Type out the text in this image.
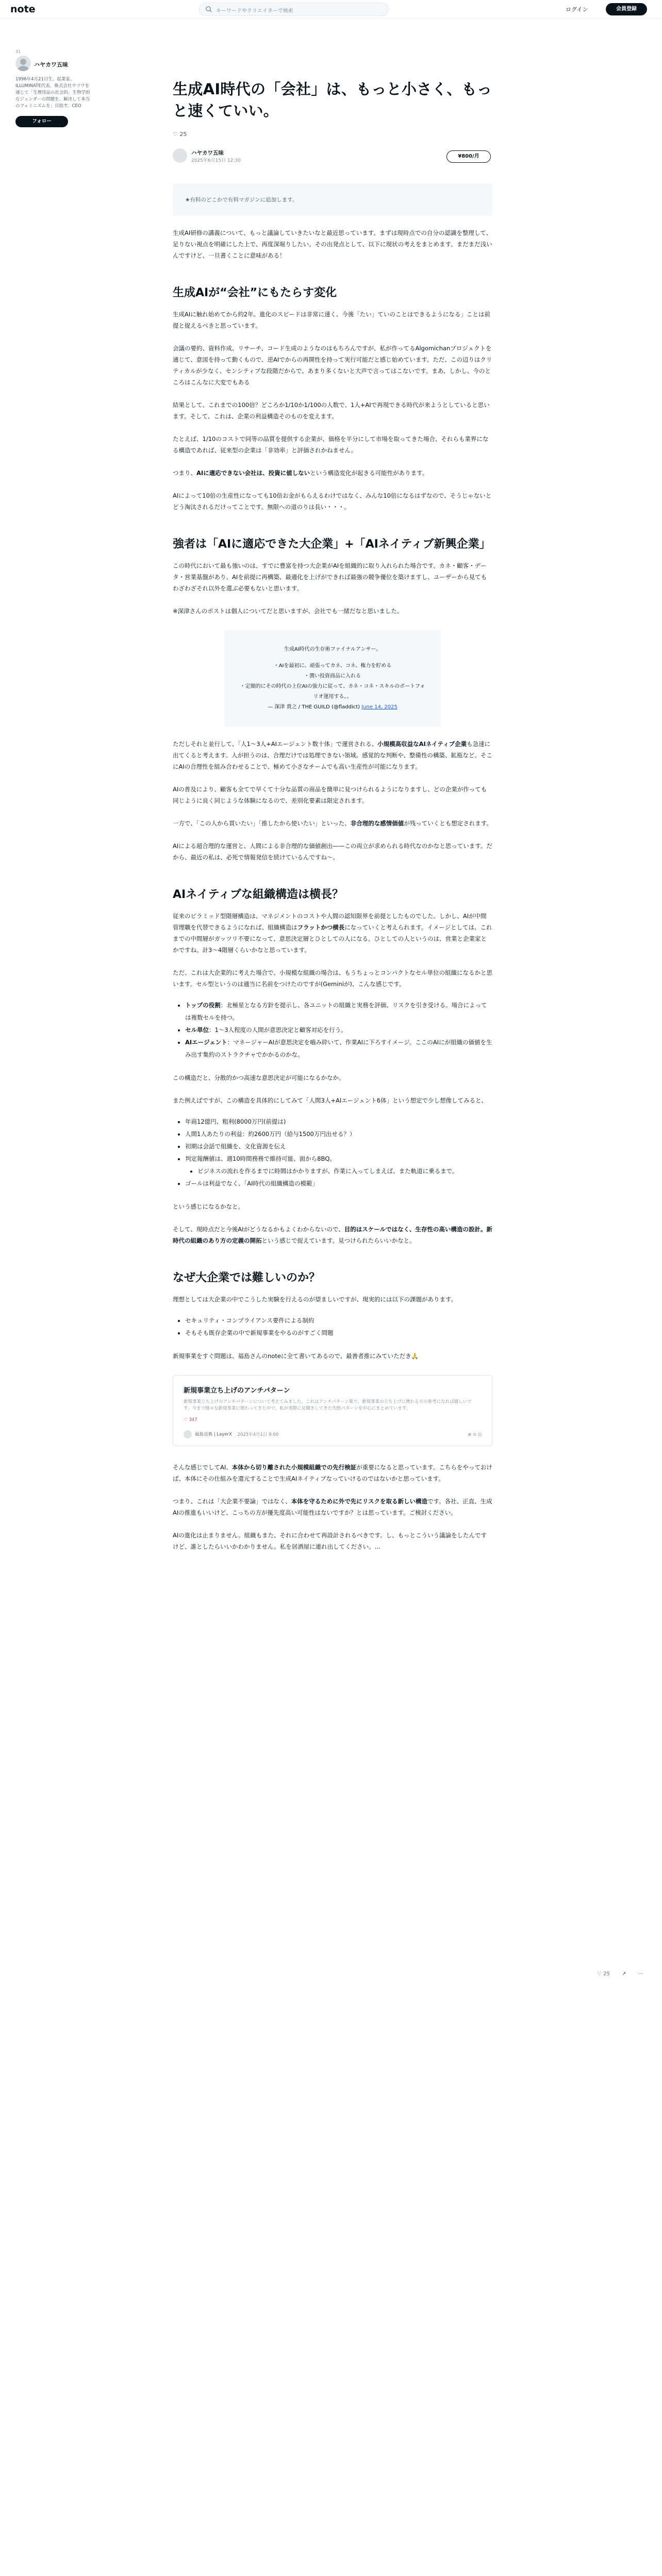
note	キーワードやクリエイターで検索	ログイン	会員登録
31
ハヤカワ五味
1996年4月21日生。起業家。ILLUMINATE代表。株式会社ウツワを通じて「生理用品の社会的、生物学的なジェンダーの問題を、解決して本当のフェミニズムを」目指す。CEO
フォロー
生成AI時代の「会社」は、もっと小さく、もっと速くていい。
♡ 25
ハヤカワ五味
2025年6月15日 12:30
¥800/月
★有料のどこかで有料マガジンに追加します。

生成AI研修の講義について、もっと議論していきたいなと最近思っています。まずは現時点での自分の認識を整理して、足りない視点を明確にした上で、再度深堀りしたい。その出発点として、以下に現状の考えをまとめます。まだまだ浅いんですけど、一旦書くことに意味がある！

生成AIが“会社”にもたらす変化

生成AIに触れ始めてから約2年。進化のスピードは非常に速く、今後「たい」ていのことはできるようになる」ことは前提と捉えるべきと思っています。

会議の要約、資料作成、リサーチ、コード生成のようなのはもちろんですが、私が作ってるAlgomichanプロジェクトを通じて、意図を持って動くもので、逆AIでからの再開性を持って実行可能だと感じ始めています。ただ、この辺りはクリティカルが少なく、センシティブな段階だからで、あまり多くないと大声で言ってはこないです。まあ、しかし、今のところはこんなに大変でもある

結果として、これまでの100倍？どころか1/10か1/100の人数で、1人+AIで再現できる時代が来ようとしていると思います。そして、これは、企業の利益構造そのものを変えます。

たとえば、1/10のコストで同等の品質を提供する企業が、価格を半分にして市場を取ってきた場合、それらも業界になる構造であれば、従来型の企業は「非効率」と評価されかねません。

つまり、AIに適応できない会社は、投資に値しないという構造変化が起きる可能性があります。

AIによって10倍の生産性になっても10倍お金がもらえるわけではなく、みんな10倍になるはずなので、そうじゃないとどう淘汰されるだけってことです。無限への道のりは長い・・・。

強者は「AIに適応できた大企業」+「AIネイティブ新興企業」

この時代において最も強いのは、すでに豊富を持つ大企業がAIを組織的に取り入れられた場合です。カネ・顧客・データ・営業基盤があり、AIを前提に再構築、最適化を上げができれば最強の競争優位を築けますし、ユーザーから見てもわざわざそれ以外を選ぶ必要もないと思います。

※深津さんのポストは個人についてだと思いますが、会社でも一緒だなと思いました。

生成AI時代の生存術ファイナルアンサー。
・AIを最初に、頑張ってカネ、コネ、権力を貯める
・潤い投資商品に入れる
・定額的にその時代の上位AIの強力に従って、カネ・コネ・スキルのポートフォリオ運用する。。
— 深津 貴之 / THE GUILD (@fladdict) June 14, 2025

ただしそれと並行して、「人1〜3人+AIエージェント数十体」で運営される、小規模高収益なAIネイティブ企業も急速に出てくると考えます。人が担うのは、合理だけでは処理できない領域。感覚的な判断や、整備性の構築、鉱瓶など。そこにAIの合理性を組み合わせることで、極めて小さなチームでも高い生産性が可能になります。

AIの普及により、顧客も全てで早くて十分な品質の商品を簡単に見つけられるようになりますし、どの企業が作っても同じように良く同じような体験になるので、差別化要素は限定されます。

一方で、「この人から買いたい」「推したから使いたい」といった、非合理的な感情価値が残っていくとも想定されます。

AIによる超合理的な運営と、人間による非合理的な価値創出——この両立が求められる時代なのかなと思っています。だから、最近の私は、必死で情報発信を続けているんですね〜。

AIネイティブな組織構造は横長？

従来のピラミッド型階層構造は、マネジメントのコストや人間の認知限界を前提としたものでした。しかし、AIが中間管理職を代替できるようになれば、組織構造はフラットかつ横長になっていくと考えられます。イメージとしては、これまでの中間層がガッツリ不要になって、意思決定層とひとしての人になる。ひとしての人というのは、営業と企業家とかですね。計3〜4階層くらいかなと思っています。

ただ、これは大企業的に考えた場合で、小規模な組織の場合は、もうちょっとコンパクトなセル単位の組織になるかと思います。セル型というのは適当に名前をつけたのですが(Geminiが)、こんな感じです。

• トップの役割：北極星となる方針を提示し、各ユニットの組織と実務を評価、リスクを引き受ける。場合によっては複数セルを持つ。
• セル単位：1〜3人程度の人間が意思決定と顧客対応を行う。
• AIエージェント：マネージャーAIが意思決定を嚙み砕いて、作業AIに下ろすイメージ。ここのAIにが組織の価値を生み出す集約のストラクチャでかかるのかな。

この構造だと、分散的かつ高速な意思決定が可能になるかなか。

また例えばですが、この構造を具体的にしてみて「人間3人+AIエージェント6体」という想定で少し想像してみると、

• 年商12億円、粗利(8000万円(前提は)
• 人間1人あたりの利益：約2600万円（給与1500万円出せる？）
• 初期は会話で組織を、文化資源を伝え
• 判定報酬値は、週10時間務務で維持可能、面から8BQ。
• ビジネスの流れを作るまでに時間はかかりますが、作業に入ってしまえば、また軌道に乗るまで。
• ゴールは利益でなく、「AI時代の組織構造の模範」

という感じになるかなと。

そして、現時点だと今後AIがどうなるかもよくわからないので、目的はスケールではなく、生存性の高い構造の設計。新時代の組織のあり方の定義の開拓という感じで捉えています。見つけられたらいいかなと。

なぜ大企業では難しいのか？

理想としては大企業の中でこうした実験を行えるのが望ましいですが、現実的には以下の課題があります。

• セキュリティ・コンプライアンス要件による制約
• そもそも既存企業の中で新規事業をやるのがすごく問題

新規事業をすぐ問題は、福島さんのnoteに全て書いてあるので、最善者推にみていただき🙏

新規事業立ち上げのアンチパターン
新規事業立ち上げのアンチパターンについて考えてみました。これはアンチパターン集で、新規事業の立ち上げに携わる方の参考になれば嬉しいです。今まで様々な新規事業に関わってきた中で、私が実際に見聞きしてきた失敗パターンを中心にまとめています。
♡ 347
福島良典 | LayerX 2025年4月1日 9:00	⊕ ⊙ ⊡

そんな感じでしてAI、本体から切り離された小規模組織での先行検証が重要になると思っています。こちらをやっておけば、本体にその仕組みを還元することで生成AIネイティブなっていけるのではないかと思っています。

つまり、これは「大企業不要論」ではなく、本体を守るために外で先にリスクを取る新しい構造です。各社、正直、生成AIの推進もいいけど、こっちの方が優先度高い可能性はないですか？とは思っています。ご検討ください。

AIの進化は止まりません。組織もまた、それに合わせて再設計されるべきです。し、もっとこういう議論をしたんですけど、誰としたらいいかわかりません。私を居酒屋に連れ出してください。...

♡ 25 ↗ ⋯
